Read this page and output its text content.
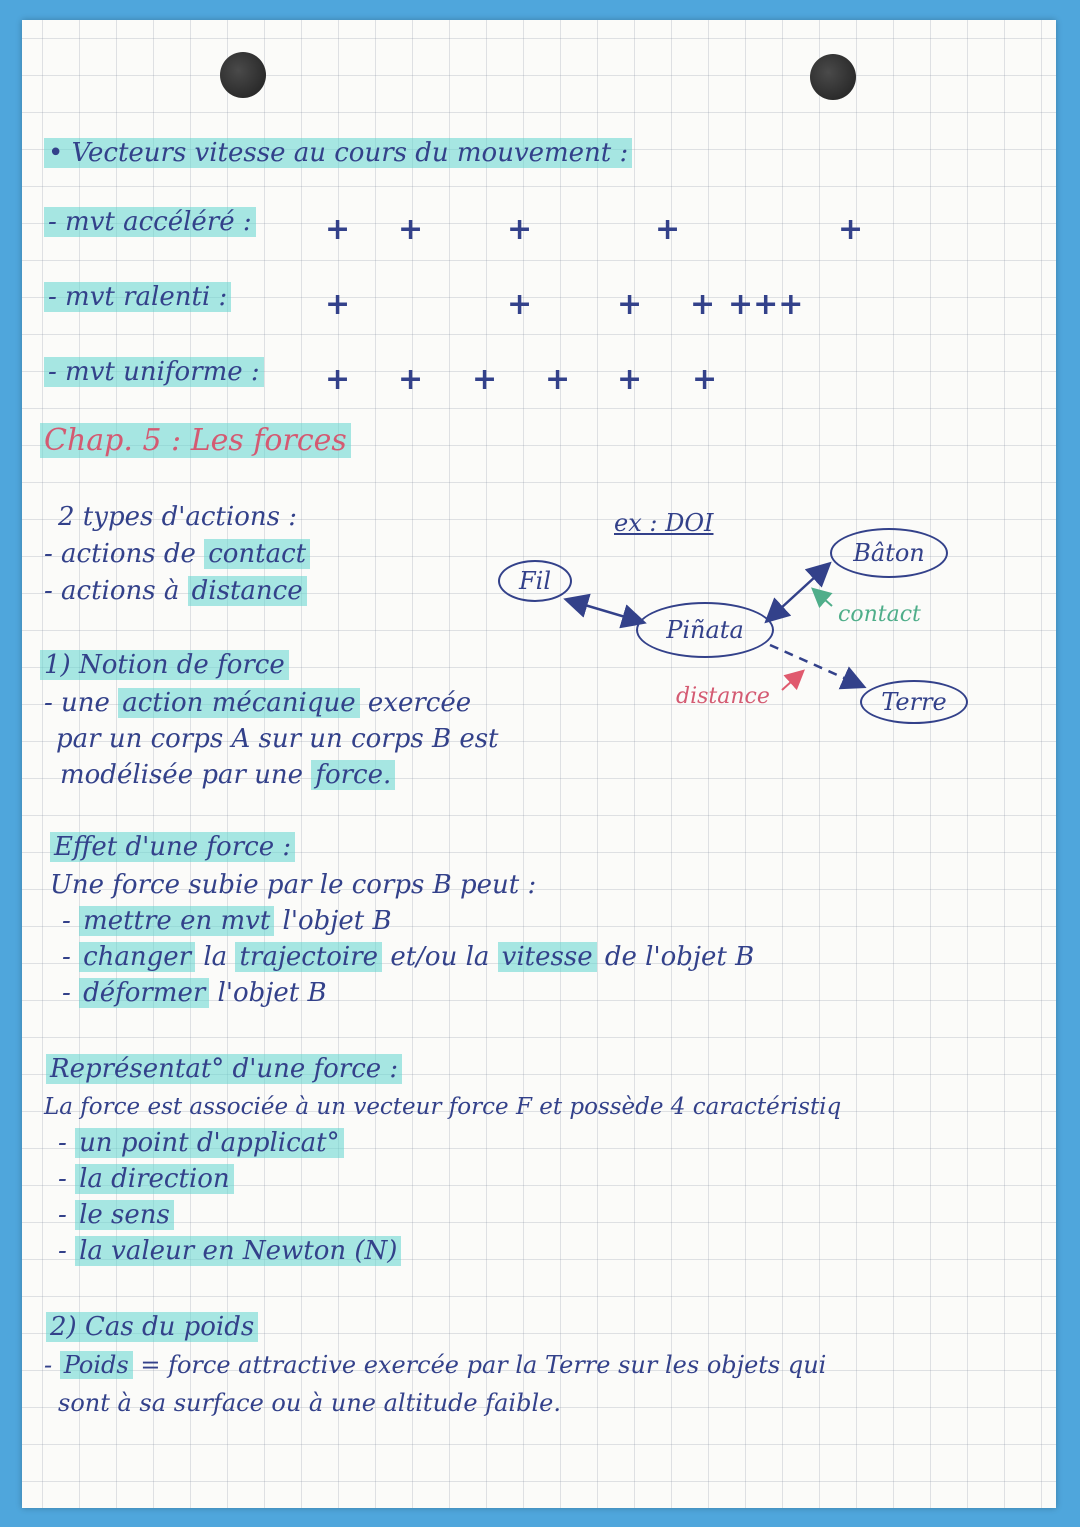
• Vecteurs vitesse au cours du mouvement :
- mvt accéléré : + +	+	+	+
- mvt ralenti :	+	+	+ + +++
- mvt uniforme : + + + + + +
Chap. 5 : Les forces
2 types d'actions :
- actions de contact
- actions à distance
ex : DOI
Fil
Piñata
Bâton
Terre
contact
distance
1) Notion de force
- une action mécanique exercée
par un corps A sur un corps B est
modélisée par une force.
Effet d'une force :
Une force subie par le corps B peut :
- mettre en mvt l'objet B
- changer la trajectoire et/ou la vitesse de l'objet B
- déformer l'objet B
Représentat° d'une force :
La force est associée à un vecteur force F et possède 4 caractéristiq
- un point d'applicat°
- la direction
- le sens
- la valeur en Newton (N)
2) Cas du poids
- Poids = force attractive exercée par la Terre sur les objets qui
sont à sa surface ou à une altitude faible.
